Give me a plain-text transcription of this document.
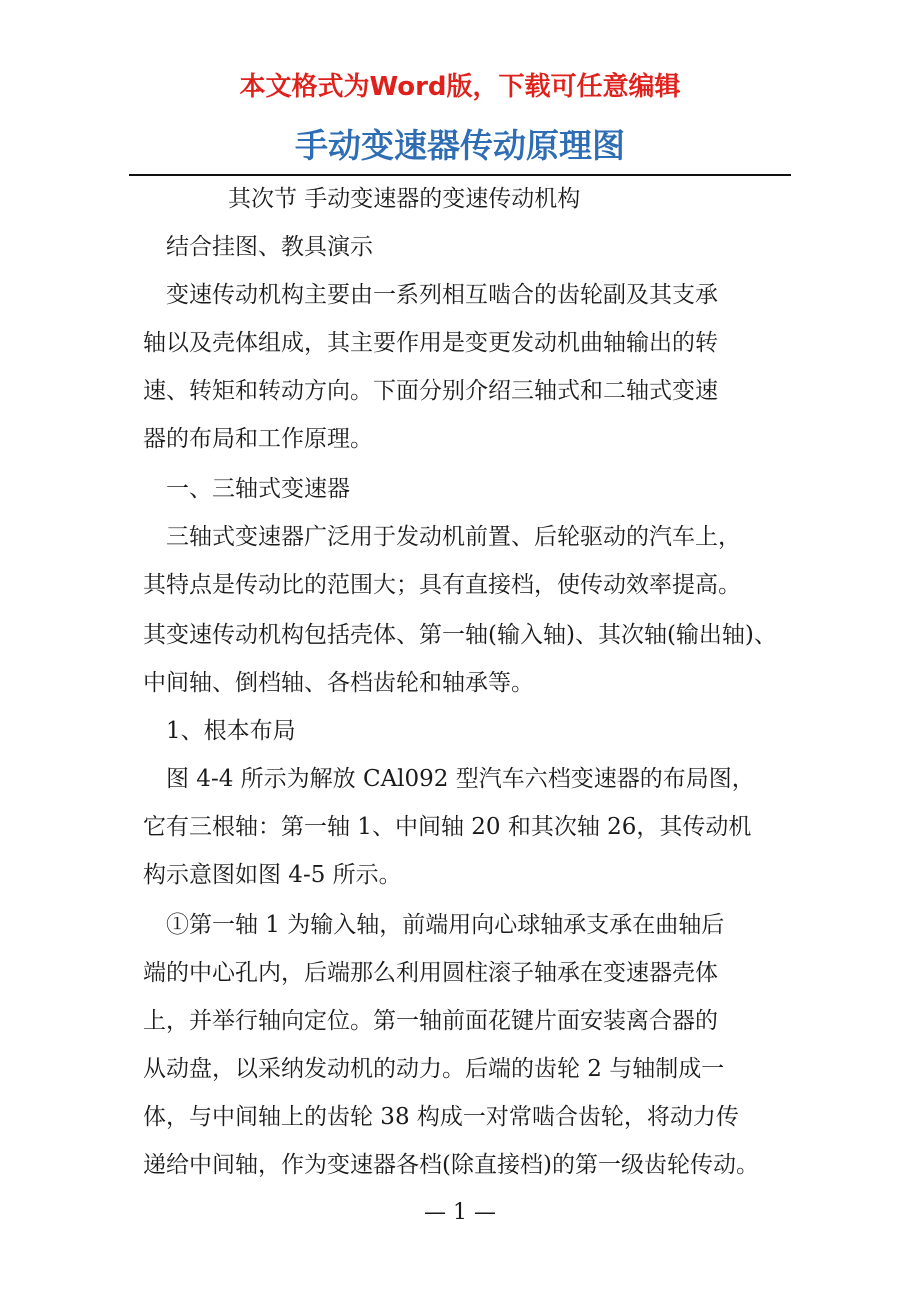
本文格式为Word版，下载可任意编辑
手动变速器传动原理图
其次节 手动变速器的变速传动机构
结合挂图、教具演示
变速传动机构主要由一系列相互啮合的齿轮副及其支承
轴以及壳体组成，其主要作用是变更发动机曲轴输出的转
速、转矩和转动方向。下面分别介绍三轴式和二轴式变速
器的布局和工作原理。
一、三轴式变速器
三轴式变速器广泛用于发动机前置、后轮驱动的汽车上，
其特点是传动比的范围大；具有直接档，使传动效率提高。
其变速传动机构包括壳体、第一轴(输入轴)、其次轴(输出轴)、
中间轴、倒档轴、各档齿轮和轴承等。
1、根本布局
图 4-4 所示为解放 CAl092 型汽车六档变速器的布局图，
它有三根轴：第一轴 1、中间轴 20 和其次轴 26，其传动机
构示意图如图 4-5 所示。
①第一轴 1 为输入轴，前端用向心球轴承支承在曲轴后
端的中心孔内，后端那么利用圆柱滚子轴承在变速器壳体
上，并举行轴向定位。第一轴前面花键片面安装离合器的
从动盘，以采纳发动机的动力。后端的齿轮 2 与轴制成一
体，与中间轴上的齿轮 38 构成一对常啮合齿轮，将动力传
递给中间轴，作为变速器各档(除直接档)的第一级齿轮传动。
— 1 —
